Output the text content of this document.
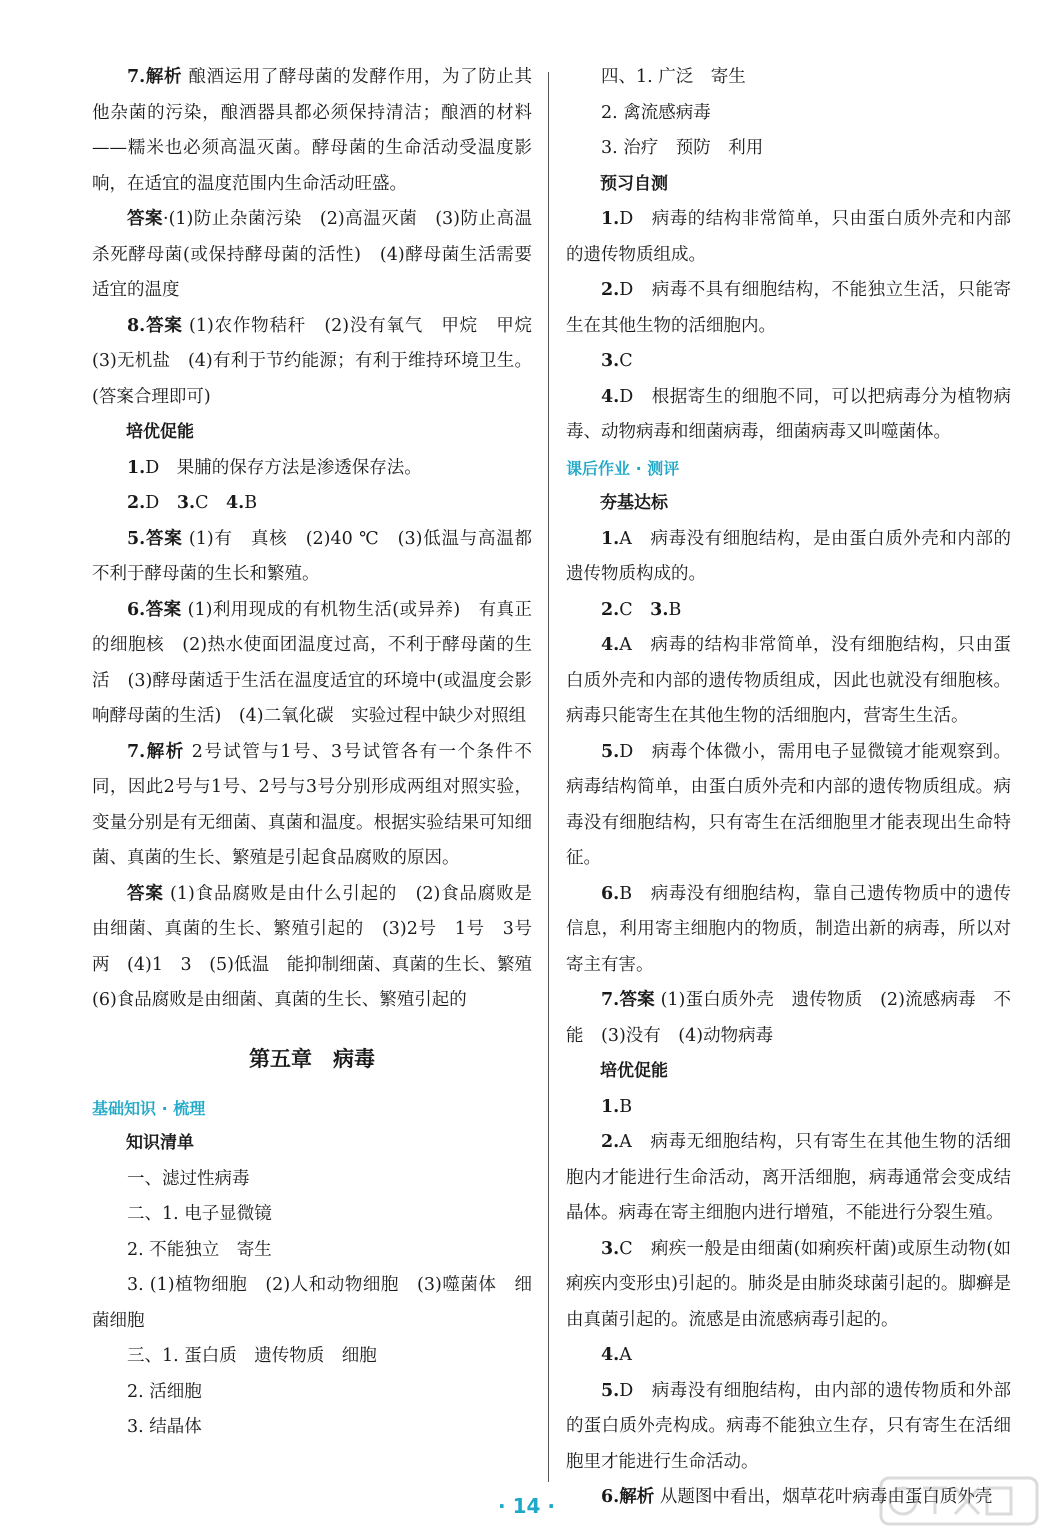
7.解析 酿酒运用了酵母菌的发酵作用，为了防止其他杂菌的污染，酿酒器具都必须保持清洁；酿酒的材料——糯米也必须高温灭菌。酵母菌的生命活动受温度影响，在适宜的温度范围内生命活动旺盛。

答案·(1)防止杂菌污染　(2)高温灭菌　(3)防止高温杀死酵母菌(或保持酵母菌的活性)　(4)酵母菌生活需要适宜的温度

8.答案 (1)农作物秸秆　(2)没有氧气　甲烷　甲烷　(3)无机盐　(4)有利于节约能源；有利于维持环境卫生。(答案合理即可)

培优促能

1.D　果脯的保存方法是渗透保存法。

2.D　3.C　4.B

5.答案 (1)有　真核　(2)40 ℃　(3)低温与高温都不利于酵母菌的生长和繁殖。

6.答案 (1)利用现成的有机物生活(或异养)　有真正的细胞核　(2)热水使面团温度过高，不利于酵母菌的生活　(3)酵母菌适于生活在温度适宜的环境中(或温度会影响酵母菌的生活)　(4)二氧化碳　实验过程中缺少对照组

7.解析 2号试管与1号、3号试管各有一个条件不同，因此2号与1号、2号与3号分别形成两组对照实验，变量分别是有无细菌、真菌和温度。根据实验结果可知细菌、真菌的生长、繁殖是引起食品腐败的原因。

答案 (1)食品腐败是由什么引起的　(2)食品腐败是由细菌、真菌的生长、繁殖引起的　(3)2号　1号　3号　两　(4)1　3　(5)低温　能抑制细菌、真菌的生长、繁殖　(6)食品腐败是由细菌、真菌的生长、繁殖引起的

第五章　病毒

基础知识 · 梳理

知识清单

一、滤过性病毒

二、1. 电子显微镜

2. 不能独立　寄生

3. (1)植物细胞　(2)人和动物细胞　(3)噬菌体　细菌细胞

三、1. 蛋白质　遗传物质　细胞

2. 活细胞

3. 结晶体

四、1. 广泛　寄生

2. 禽流感病毒

3. 治疗　预防　利用

预习自测

1.D　病毒的结构非常简单，只由蛋白质外壳和内部的遗传物质组成。

2.D　病毒不具有细胞结构，不能独立生活，只能寄生在其他生物的活细胞内。

3.C

4.D　根据寄生的细胞不同，可以把病毒分为植物病毒、动物病毒和细菌病毒，细菌病毒又叫噬菌体。

课后作业 · 测评

夯基达标

1.A　病毒没有细胞结构，是由蛋白质外壳和内部的遗传物质构成的。

2.C　3.B

4.A　病毒的结构非常简单，没有细胞结构，只由蛋白质外壳和内部的遗传物质组成，因此也就没有细胞核。病毒只能寄生在其他生物的活细胞内，营寄生生活。

5.D　病毒个体微小，需用电子显微镜才能观察到。病毒结构简单，由蛋白质外壳和内部的遗传物质组成。病毒没有细胞结构，只有寄生在活细胞里才能表现出生命特征。

6.B　病毒没有细胞结构，靠自己遗传物质中的遗传信息，利用寄主细胞内的物质，制造出新的病毒，所以对寄主有害。

7.答案 (1)蛋白质外壳　遗传物质　(2)流感病毒　不能　(3)没有　(4)动物病毒

培优促能

1.B

2.A　病毒无细胞结构，只有寄生在其他生物的活细胞内才能进行生命活动，离开活细胞，病毒通常会变成结晶体。病毒在寄主细胞内进行增殖，不能进行分裂生殖。

3.C　痢疾一般是由细菌(如痢疾杆菌)或原生动物(如痢疾内变形虫)引起的。肺炎是由肺炎球菌引起的。脚癣是由真菌引起的。流感是由流感病毒引起的。

4.A

5.D　病毒没有细胞结构，由内部的遗传物质和外部的蛋白质外壳构成。病毒不能独立生存，只有寄生在活细胞里才能进行生命活动。

6.解析 从题图中看出，烟草花叶病毒由蛋白质外壳

· 14 ·
